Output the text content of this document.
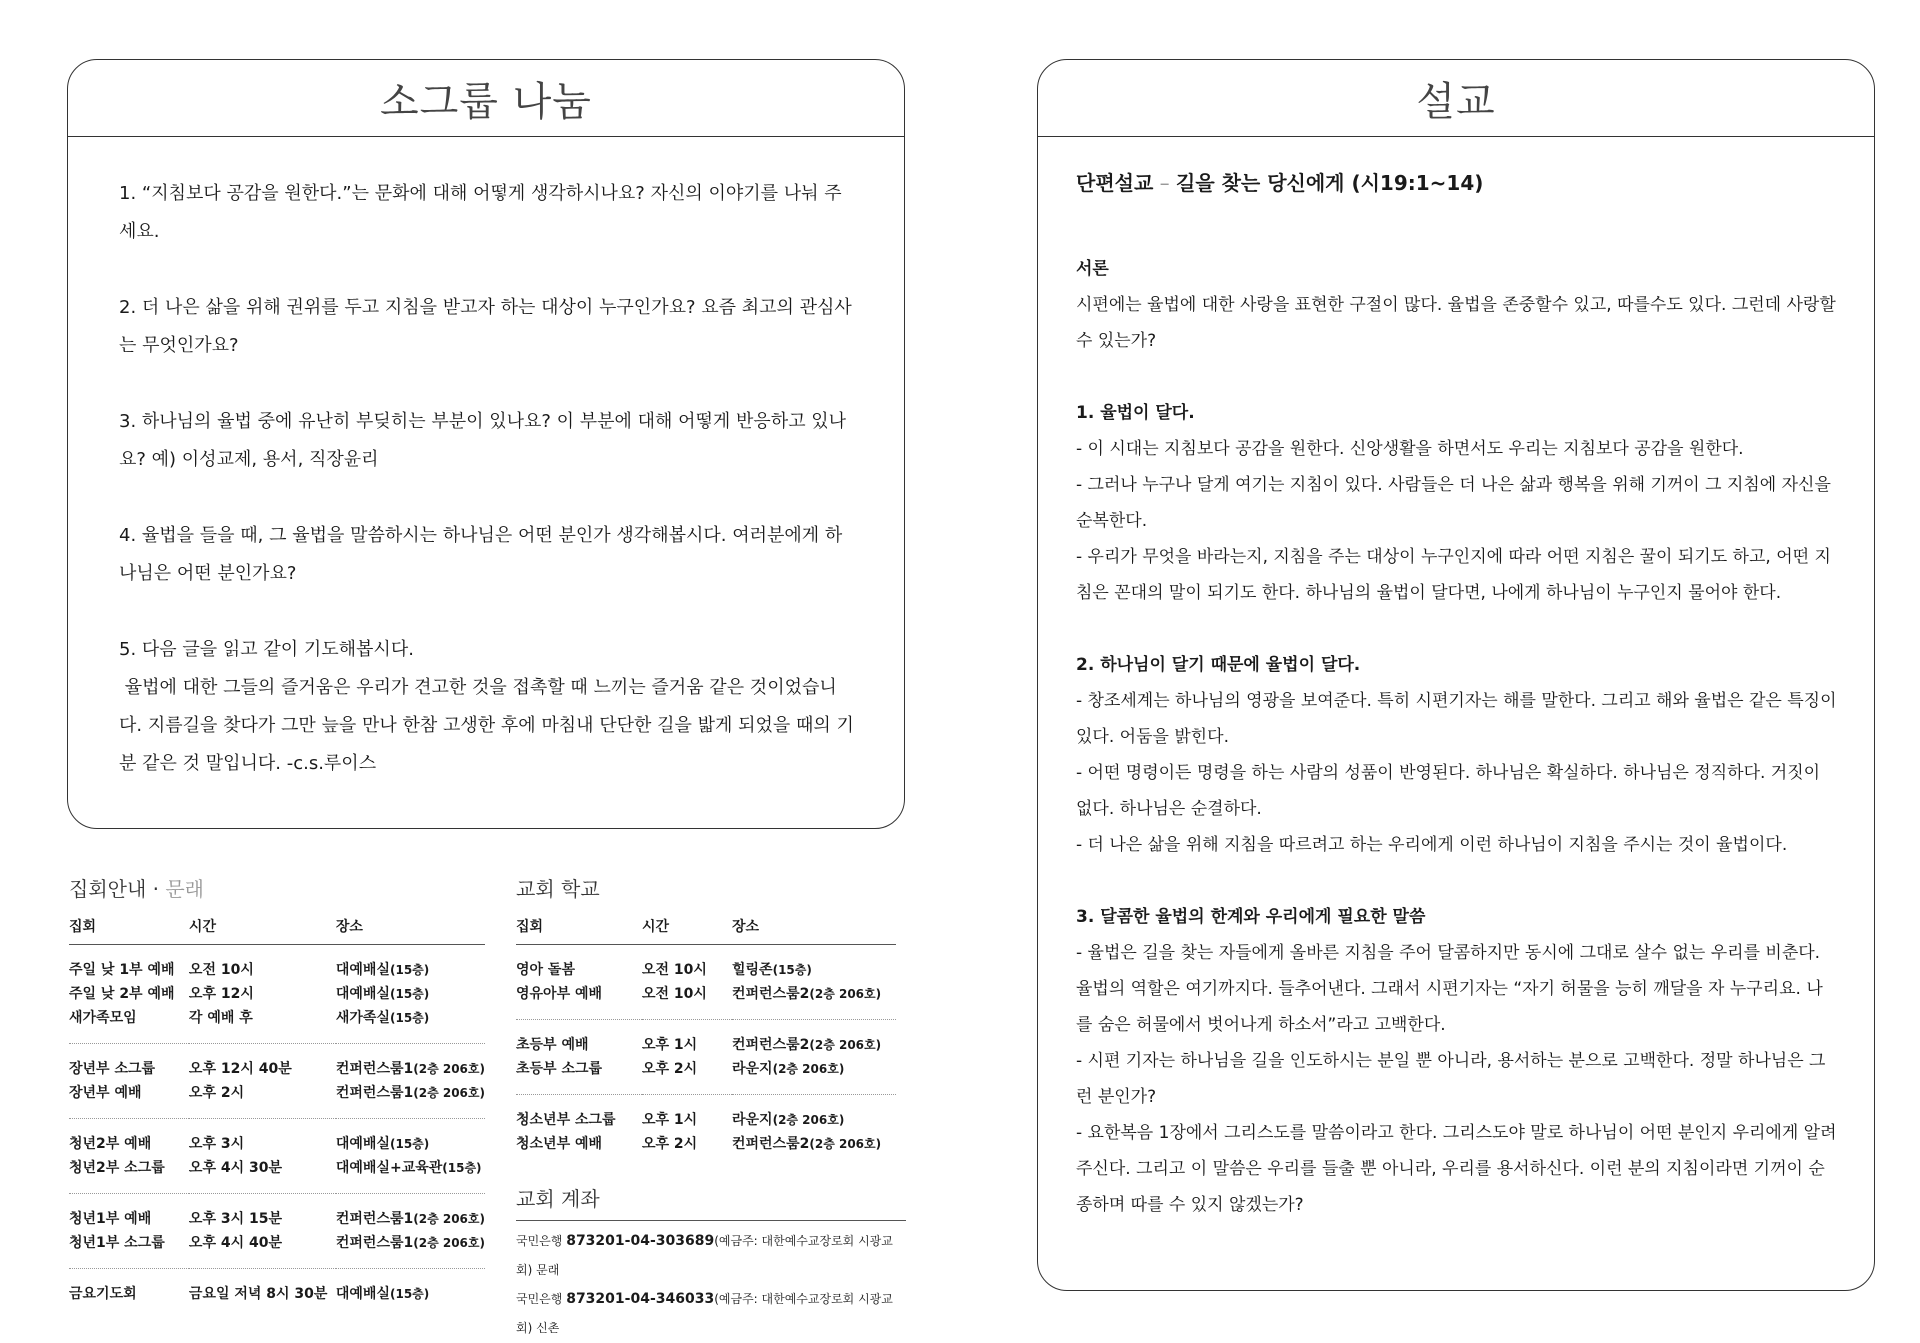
소그룹 나눔

1. “지침보다 공감을 원한다.”는 문화에 대해 어떻게 생각하시나요? 자신의 이야기를 나눠 주세요.

2. 더 나은 삶을 위해 권위를 두고 지침을 받고자 하는 대상이 누구인가요? 요즘 최고의 관심사는 무엇인가요?

3. 하나님의 율법 중에 유난히 부딪히는 부분이 있나요? 이 부분에 대해 어떻게 반응하고 있나요? 예) 이성교제, 용서, 직장윤리

4. 율법을 들을 때, 그 율법을 말씀하시는 하나님은 어떤 분인가 생각해봅시다. 여러분에게 하나님은 어떤 분인가요?

5. 다음 글을 읽고 같이 기도해봅시다.
율법에 대한 그들의 즐거움은 우리가 견고한 것을 접촉할 때 느끼는 즐거움 같은 것이었습니다. 지름길을 찾다가 그만 늪을 만나 한참 고생한 후에 마침내 단단한 길을 밟게 되었을 때의 기분 같은 것 말입니다. -c.s.루이스
설교
단편설교 – 길을 찾는 당신에게 (시19:1~14)
서론

시편에는 율법에 대한 사랑을 표현한 구절이 많다. 율법을 존중할수 있고, 따를수도 있다. 그런데 사랑할수 있는가?

1. 율법이 달다.

- 이 시대는 지침보다 공감을 원한다. 신앙생활을 하면서도 우리는 지침보다 공감을 원한다.

- 그러나 누구나 달게 여기는 지침이 있다. 사람들은 더 나은 삶과 행복을 위해 기꺼이 그 지침에 자신을 순복한다.

- 우리가 무엇을 바라는지, 지침을 주는 대상이 누구인지에 따라 어떤 지침은 꿀이 되기도 하고, 어떤 지침은 꼰대의 말이 되기도 한다. 하나님의 율법이 달다면, 나에게 하나님이 누구인지 물어야 한다.

2. 하나님이 달기 때문에 율법이 달다.

- 창조세계는 하나님의 영광을 보여준다. 특히 시편기자는 해를 말한다. 그리고 해와 율법은 같은 특징이 있다. 어둠을 밝힌다.

- 어떤 명령이든 명령을 하는 사람의 성품이 반영된다. 하나님은 확실하다. 하나님은 정직하다. 거짓이 없다. 하나님은 순결하다.

- 더 나은 삶을 위해 지침을 따르려고 하는 우리에게 이런 하나님이 지침을 주시는 것이 율법이다.

3. 달콤한 율법의 한계와 우리에게 필요한 말씀

- 율법은 길을 찾는 자들에게 올바른 지침을 주어 달콤하지만 동시에 그대로 살수 없는 우리를 비춘다. 율법의 역할은 여기까지다. 들추어낸다. 그래서 시편기자는 “자기 허물을 능히 깨달을 자 누구리요. 나를 숨은 허물에서 벗어나게 하소서”라고 고백한다.

- 시편 기자는 하나님을 길을 인도하시는 분일 뿐 아니라, 용서하는 분으로 고백한다. 정말 하나님은 그런 분인가?

- 요한복음 1장에서 그리스도를 말씀이라고 한다. 그리스도야 말로 하나님이 어떤 분인지 우리에게 알려주신다. 그리고 이 말씀은 우리를 들출 뿐 아니라, 우리를 용서하신다. 이런 분의 지침이라면 기꺼이 순종하며 따를 수 있지 않겠는가?

집회안내 · 문래
집회	시간	장소

주일 낮 1부 예배	오전 10시	대예배실(15층)
주일 낮 2부 예배	오후 12시	대예배실(15층)
새가족모임	각 예배 후	새가족실(15층)

장년부 소그룹	오후 12시 40분	컨퍼런스룸1(2층 206호)
장년부 예배	오후 2시	컨퍼런스룸1(2층 206호)

청년2부 예배	오후 3시	대예배실(15층)
청년2부 소그룹	오후 4시 30분	대예배실+교육관(15층)

청년1부 예배	오후 3시 15분	컨퍼런스룸1(2층 206호)
청년1부 소그룹	오후 4시 40분	컨퍼런스룸1(2층 206호)

금요기도회	금요일 저녁 8시 30분	대예배실(15층)
교회 학교
집회	시간	장소

영아 돌봄	오전 10시	힐링존(15층)
영유아부 예배	오전 10시	컨퍼런스룸2(2층 206호)

초등부 예배	오후 1시	컨퍼런스룸2(2층 206호)
초등부 소그룹	오후 2시	라운지(2층 206호)

청소년부 소그룹	오후 1시	라운지(2층 206호)
청소년부 예배	오후 2시	컨퍼런스룸2(2층 206호)
교회 계좌
국민은행 873201-04-303689(예금주: 대한예수교장로회 시광교회) 문래
국민은행 873201-04-346033(예금주: 대한예수교장로회 시광교회) 신촌
